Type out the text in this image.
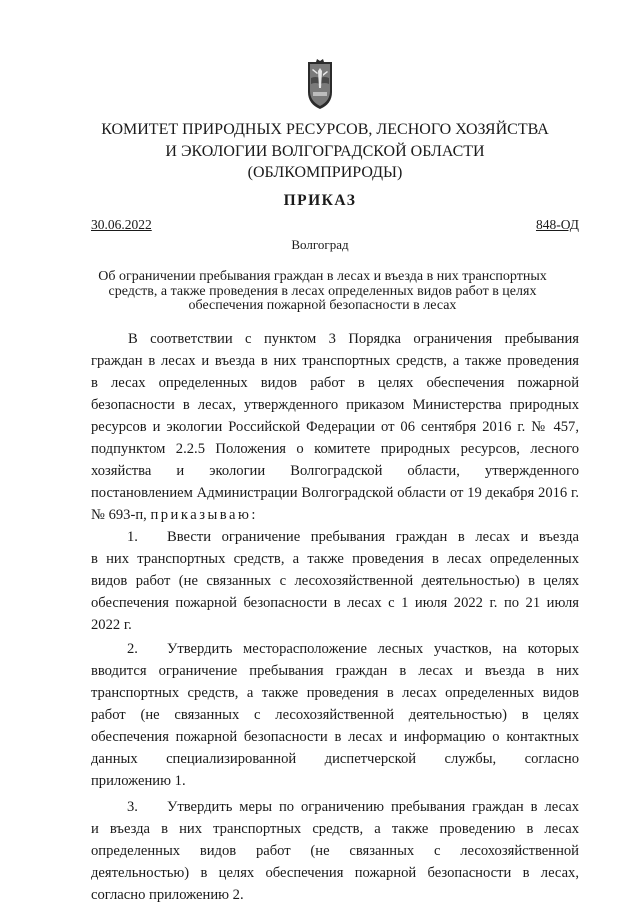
КОМИТЕТ ПРИРОДНЫХ РЕСУРСОВ, ЛЕСНОГО ХОЗЯЙСТВА
И ЭКОЛОГИИ ВОЛГОГРАДСКОЙ ОБЛАСТИ
(ОБЛКОМПРИРОДЫ)
ПРИКАЗ
30.06.2022	848-ОД
Волгоград
Об ограничении пребывания граждан в лесах и въезда в них транспортных
средств, а также проведения в лесах определенных видов работ в целях
обеспечения пожарной безопасности в лесах
В соответствии с пунктом 3 Порядка ограничения пребывания
граждан в лесах и въезда в них транспортных средств, а также проведения
в лесах определенных видов работ в целях обеспечения пожарной
безопасности в лесах, утвержденного приказом Министерства природных
ресурсов и экологии Российской Федерации от 06 сентября 2016 г. № 457,
подпунктом 2.2.5 Положения о комитете природных ресурсов, лесного
хозяйства и экологии Волгоградской области, утвержденного
постановлением Администрации Волгоградской области от 19 декабря 2016 г.
№ 693-п, приказываю:
1. Ввести ограничение пребывания граждан в лесах и въезда
в них транспортных средств, а также проведения в лесах определенных
видов работ (не связанных с лесохозяйственной деятельностью) в целях
обеспечения пожарной безопасности в лесах с 1 июля 2022 г. по 21 июля
2022 г.
2. Утвердить месторасположение лесных участков, на которых
вводится ограничение пребывания граждан в лесах и въезда в них
транспортных средств, а также проведения в лесах определенных видов
работ (не связанных с лесохозяйственной деятельностью) в целях
обеспечения пожарной безопасности в лесах и информацию о контактных
данных специализированной диспетчерской службы, согласно
приложению 1.
3. Утвердить меры по ограничению пребывания граждан в лесах
и въезда в них транспортных средств, а также проведению в лесах
определенных видов работ (не связанных с лесохозяйственной
деятельностью) в целях обеспечения пожарной безопасности в лесах,
согласно приложению 2.
